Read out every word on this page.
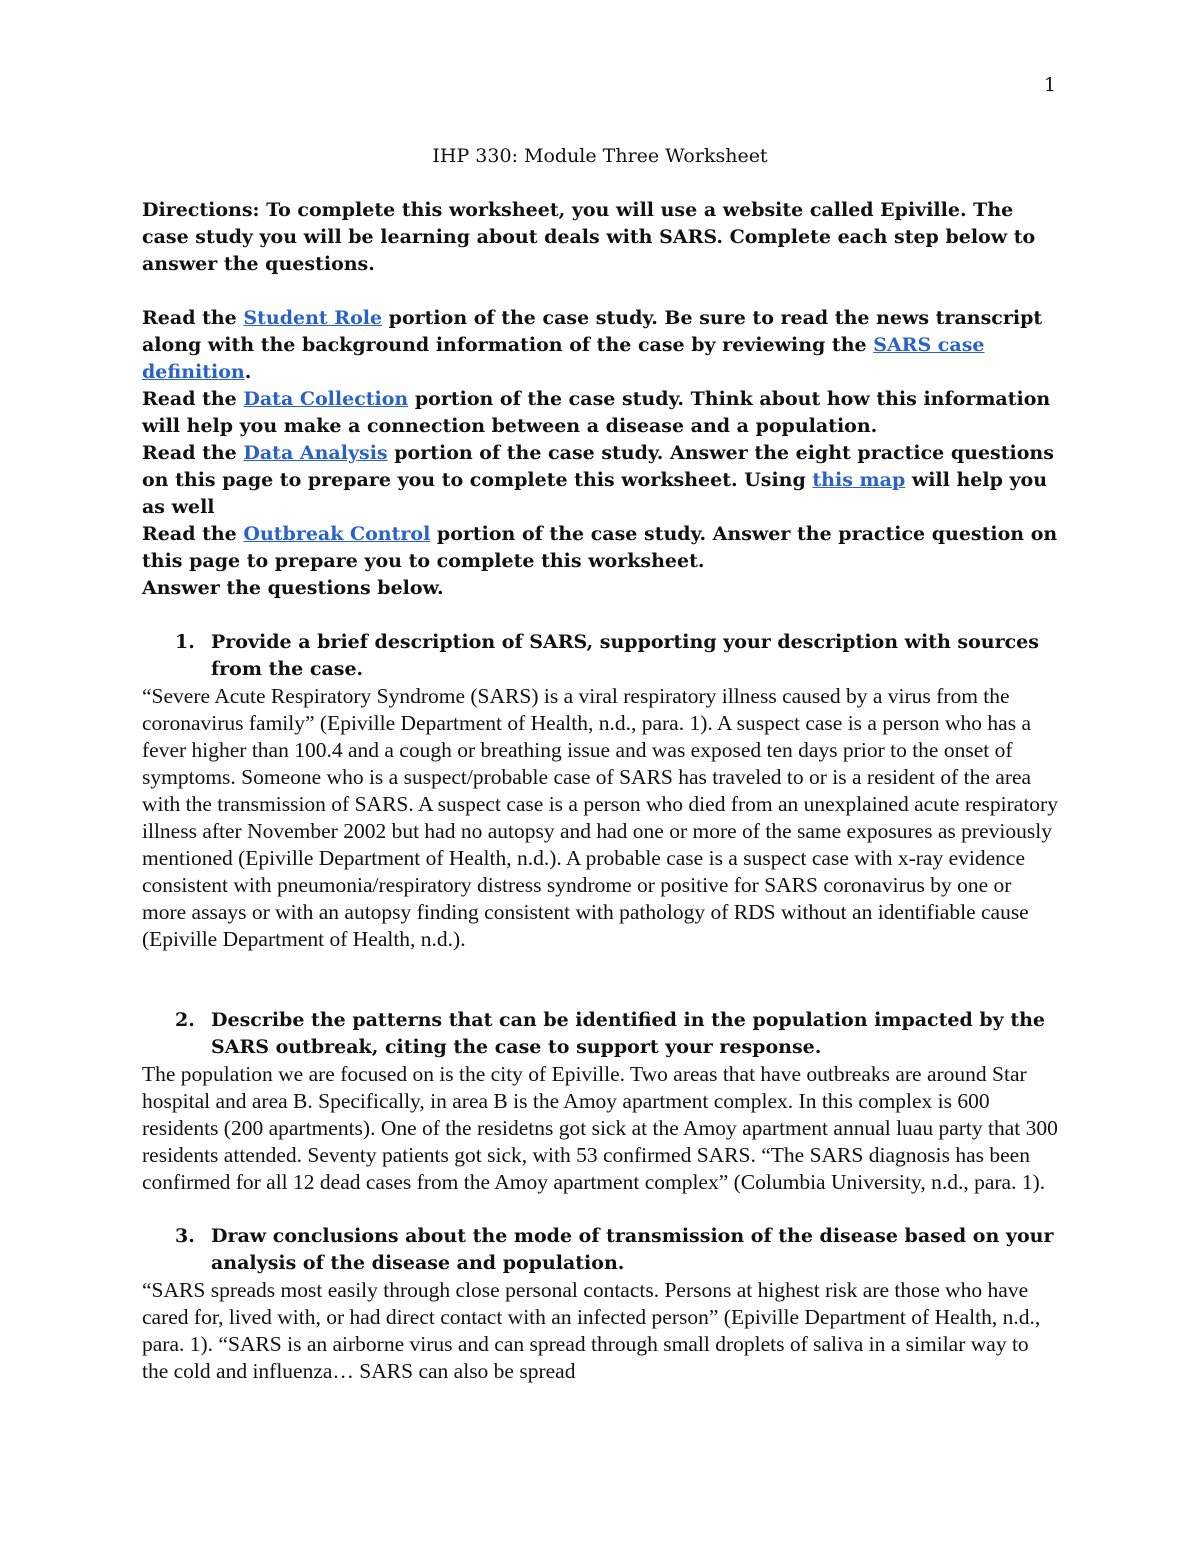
1
IHP 330: Module Three Worksheet

Directions: To complete this worksheet, you will use a website called Epiville. The case study you will be learning about deals with SARS. Complete each step below to answer the questions.

Read the Student Role portion of the case study. Be sure to read the news transcript along with the background information of the case by reviewing the SARS case definition.

Read the Data Collection portion of the case study. Think about how this information will help you make a connection between a disease and a population.

Read the Data Analysis portion of the case study. Answer the eight practice questions on this page to prepare you to complete this worksheet. Using this map will help you as well

Read the Outbreak Control portion of the case study. Answer the practice question on this page to prepare you to complete this worksheet.

Answer the questions below.

1. Provide a brief description of SARS, supporting your description with sources from the case.

“Severe Acute Respiratory Syndrome (SARS) is a viral respiratory illness caused by a virus from the coronavirus family” (Epiville Department of Health, n.d., para. 1). A suspect case is a person who has a fever higher than 100.4 and a cough or breathing issue and was exposed ten days prior to the onset of symptoms. Someone who is a suspect/probable case of SARS has traveled to or is a resident of the area with the transmission of SARS. A suspect case is a person who died from an unexplained acute respiratory illness after November 2002 but had no autopsy and had one or more of the same exposures as previously mentioned (Epiville Department of Health, n.d.). A probable case is a suspect case with x-ray evidence consistent with pneumonia/respiratory distress syndrome or positive for SARS coronavirus by one or more assays or with an autopsy finding consistent with pathology of RDS without an identifiable cause (Epiville Department of Health, n.d.).

2. Describe the patterns that can be identified in the population impacted by the SARS outbreak, citing the case to support your response.

The population we are focused on is the city of Epiville. Two areas that have outbreaks are around Star hospital and area B. Specifically, in area B is the Amoy apartment complex. In this complex is 600 residents (200 apartments). One of the residetns got sick at the Amoy apartment annual luau party that 300 residents attended. Seventy patients got sick, with 53 confirmed SARS. “The SARS diagnosis has been confirmed for all 12 dead cases from the Amoy apartment complex” (Columbia University, n.d., para. 1).

3. Draw conclusions about the mode of transmission of the disease based on your analysis of the disease and population.

“SARS spreads most easily through close personal contacts. Persons at highest risk are those who have cared for, lived with, or had direct contact with an infected person” (Epiville Department of Health, n.d., para. 1). “SARS is an airborne virus and can spread through small droplets of saliva in a similar way to the cold and influenza… SARS can also be spread
